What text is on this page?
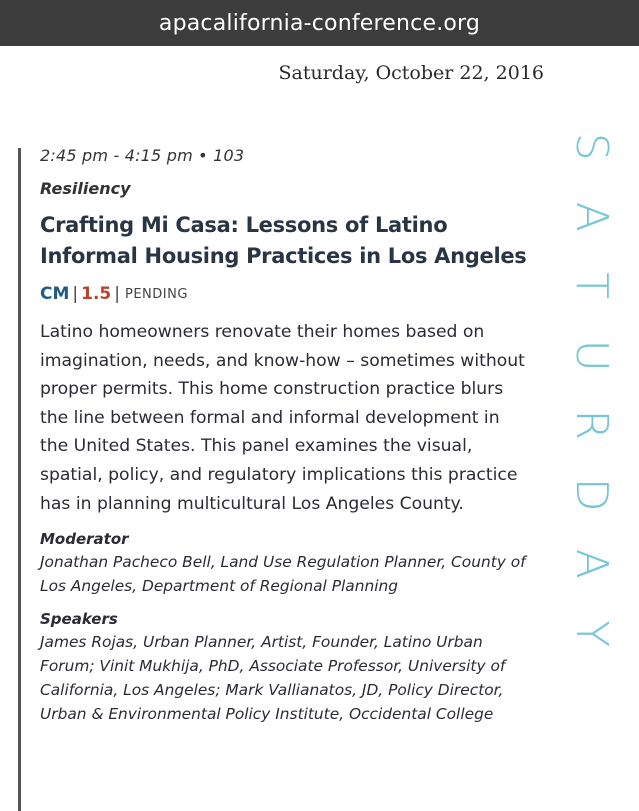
apacalifornia-conference.org
Saturday, October 22, 2016
S
A
T
U
R
D
A
Y
2:45 pm - 4:15 pm • 103
Resiliency
Crafting Mi Casa: Lessons of Latino Informal Housing Practices in Los Angeles
CM | 1.5 | PENDING
Latino homeowners renovate their homes based on imagination, needs, and know-how – sometimes without proper permits. This home construction practice blurs the line between formal and informal development in the United States. This panel examines the visual, spatial, policy, and regulatory implications this practice has in planning multicultural Los Angeles County.
Moderator
Jonathan Pacheco Bell, Land Use Regulation Planner, County of Los Angeles, Department of Regional Planning
Speakers
James Rojas, Urban Planner, Artist, Founder, Latino Urban Forum; Vinit Mukhija, PhD, Associate Professor, University of California, Los Angeles; Mark Vallianatos, JD, Policy Director, Urban & Environmental Policy Institute, Occidental College
